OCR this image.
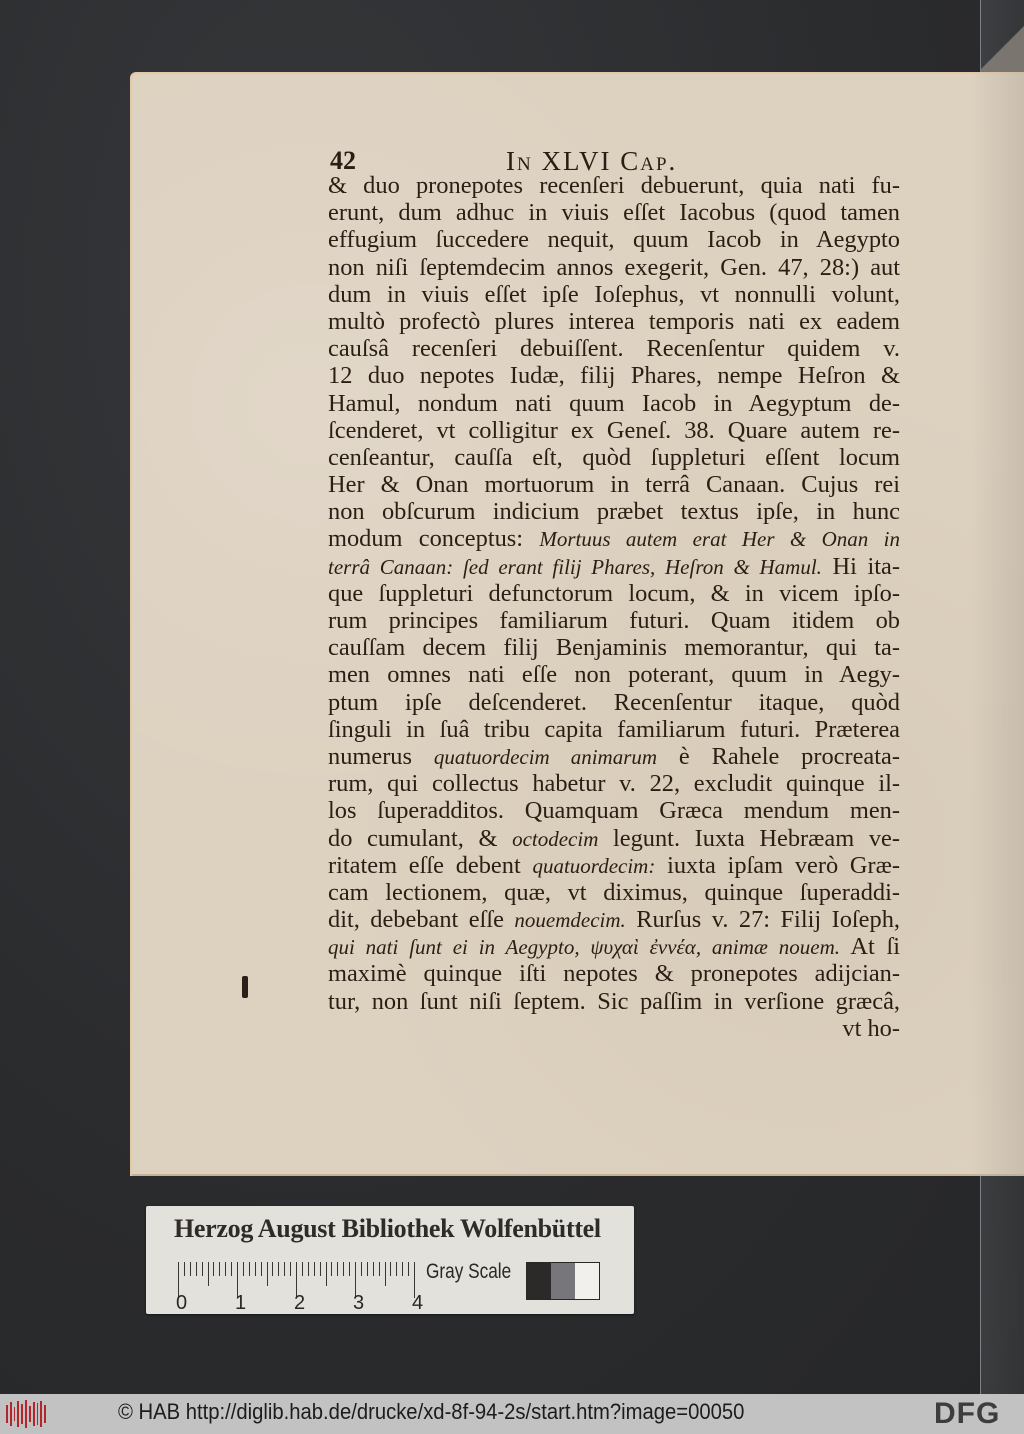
42	In XLVI Cap.
& duo pronepotes recenſeri debuerunt, quia nati fu-
erunt, dum adhuc in viuis eſſet Iacobus (quod tamen
effugium ſuccedere nequit, quum Iacob in Aegypto
non niſi ſeptemdecim annos exegerit, Gen. 47, 28:) aut
dum in viuis eſſet ipſe Ioſephus, vt nonnulli volunt,
multò profectò plures interea temporis nati ex eadem
cauſsâ recenſeri debuiſſent. Recenſentur quidem v.
12 duo nepotes Iudæ, filij Phares, nempe Heſron &
Hamul, nondum nati quum Iacob in Aegyptum de-
ſcenderet, vt colligitur ex Geneſ. 38. Quare autem re-
cenſeantur, cauſſa eſt, quòd ſuppleturi eſſent locum
Her & Onan mortuorum in terrâ Canaan. Cujus rei
non obſcurum indicium præbet textus ipſe, in hunc
modum conceptus: Mortuus autem erat Her & Onan in
terrâ Canaan: ſed erant filij Phares, Heſron & Hamul. Hi ita-
que ſuppleturi defunctorum locum, & in vicem ipſo-
rum principes familiarum futuri. Quam itidem ob
cauſſam decem filij Benjaminis memorantur, qui ta-
men omnes nati eſſe non poterant, quum in Aegy-
ptum ipſe deſcenderet. Recenſentur itaque, quòd
ſinguli in ſuâ tribu capita familiarum futuri. Præterea
numerus quatuordecim animarum è Rahele procreata-
rum, qui collectus habetur v. 22, excludit quinque il-
los ſuperadditos. Quamquam Græca mendum men-
do cumulant, & octodecim legunt. Iuxta Hebræam ve-
ritatem eſſe debent quatuordecim: iuxta ipſam verò Græ-
cam lectionem, quæ, vt diximus, quinque ſuperaddi-
dit, debebant eſſe nouemdecim. Rurſus v. 27: Filij Ioſeph,
qui nati ſunt ei in Aegypto, ψυχαὶ ἐννέα, animæ nouem. At ſi
maximè quinque iſti nepotes & pronepotes adijcian-
tur, non ſunt niſi ſeptem. Sic paſſim in verſione græcâ,
vt ho-
Herzog August Bibliothek Wolfenbüttel
0 1 2 3 4
Gray Scale
© HAB http://diglib.hab.de/drucke/xd-8f-94-2s/start.htm?image=00050	DFG
